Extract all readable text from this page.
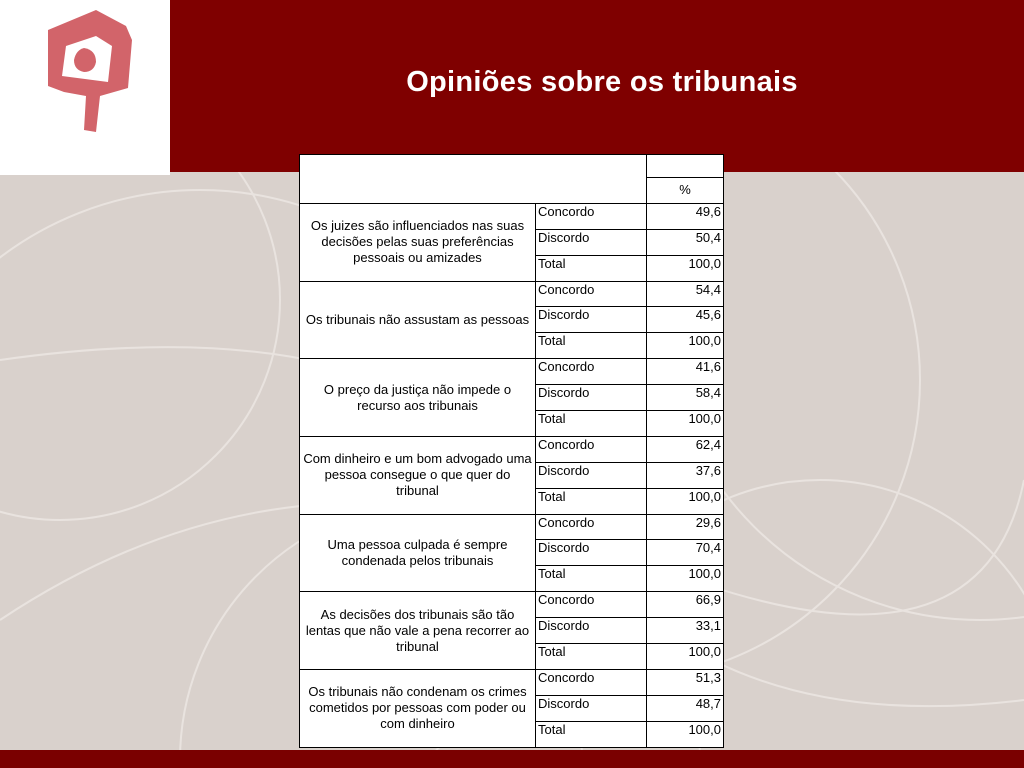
Opiniões sobre os tribunais

		%
Os juizes são influenciados nas suas decisões pelas suas preferências pessoais ou amizades	Concordo	49,6
	Discordo	50,4
	Total	100,0
Os tribunais não assustam as pessoas	Concordo	54,4
	Discordo	45,6
	Total	100,0
O preço da justiça não impede o recurso aos tribunais	Concordo	41,6
	Discordo	58,4
	Total	100,0
Com dinheiro e um bom advogado uma pessoa consegue o que quer do tribunal	Concordo	62,4
	Discordo	37,6
	Total	100,0
Uma pessoa culpada é sempre condenada pelos tribunais	Concordo	29,6
	Discordo	70,4
	Total	100,0
As decisões dos tribunais são tão lentas que não vale a pena recorrer ao tribunal	Concordo	66,9
	Discordo	33,1
	Total	100,0
Os tribunais não condenam os crimes cometidos por pessoas com poder ou com dinheiro	Concordo	51,3
	Discordo	48,7
	Total	100,0
